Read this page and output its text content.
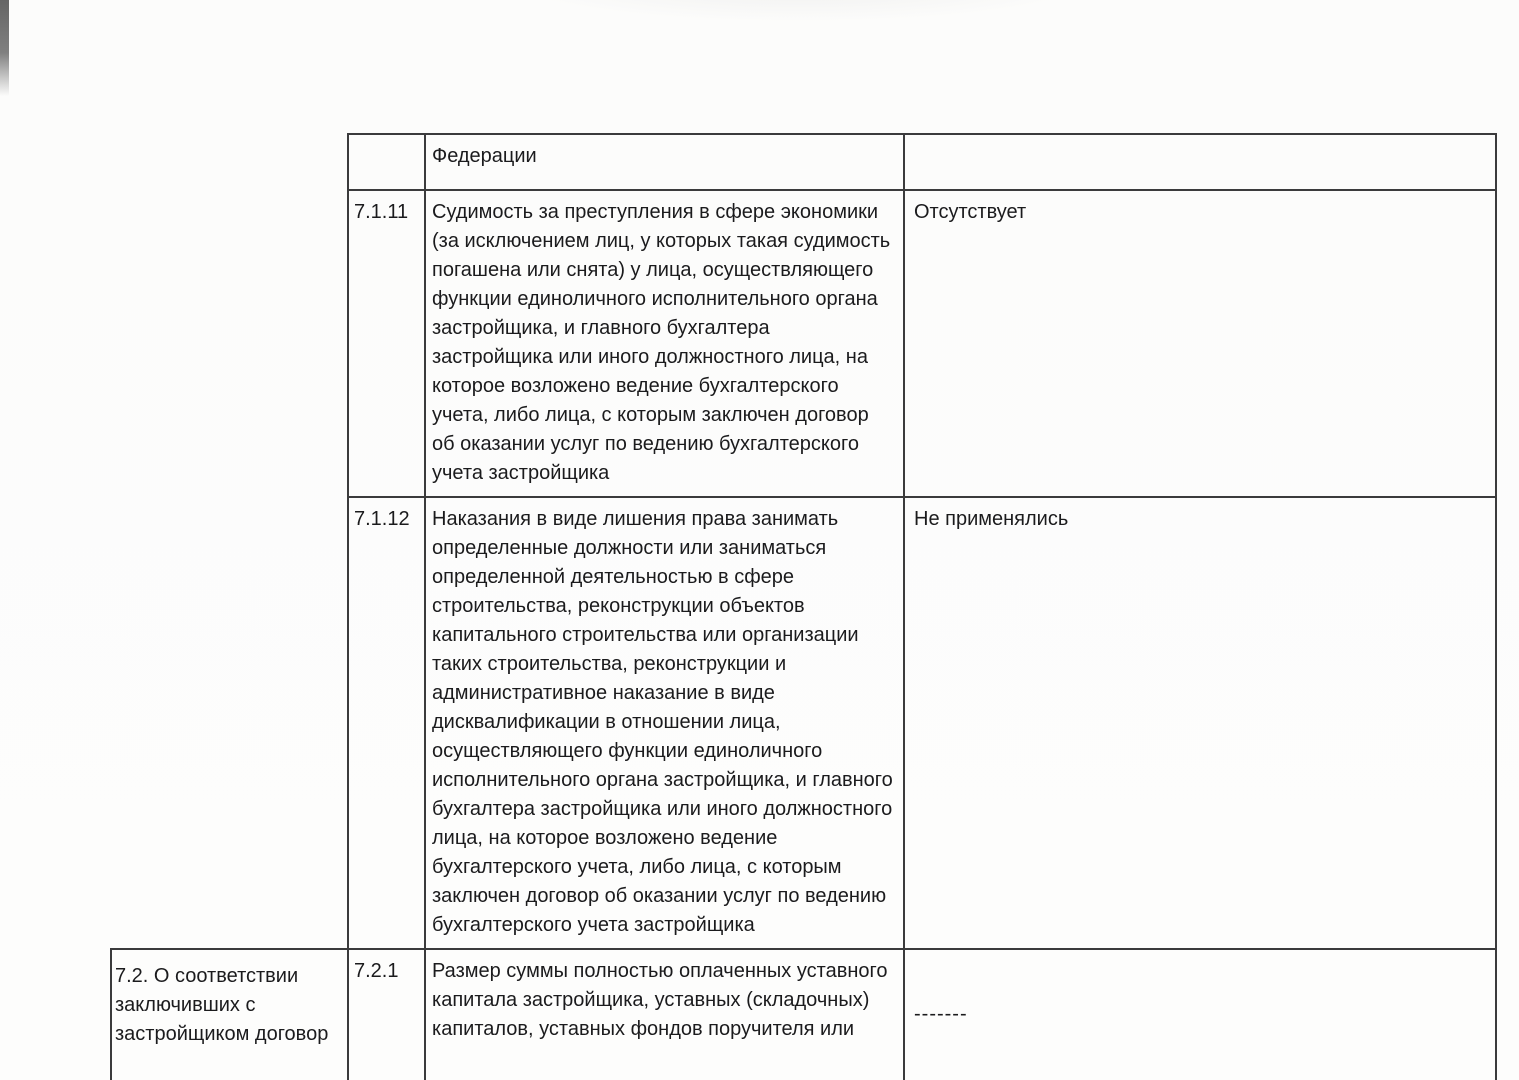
		Федерации	
	7.1.11	Судимость за преступления в сфере экономики (за исключением лиц, у которых такая судимость погашена или снята) у лица, осуществляющего функции единоличного исполнительного органа застройщика, и главного бухгалтера застройщика или иного должностного лица, на которое возложено ведение бухгалтерского учета, либо лица, с которым заключен договор об оказании услуг по ведению бухгалтерского учета застройщика	Отсутствует
	7.1.12	Наказания в виде лишения права занимать определенные должности или заниматься определенной деятельностью в сфере строительства, реконструкции объектов капитального строительства или организации таких строительства, реконструкции и административное наказание в виде дисквалификации в отношении лица, осуществляющего функции единоличного исполнительного органа застройщика, и главного бухгалтера застройщика или иного должностного лица, на которое возложено ведение бухгалтерского учета, либо лица, с которым заключен договор об оказании услуг по ведению бухгалтерского учета застройщика	Не применялись
7.2. О соответствии заключивших с застройщиком договор	7.2.1	Размер суммы полностью оплаченных уставного капитала застройщика, уставных (складочных) капиталов, уставных фондов поручителя или	-------
